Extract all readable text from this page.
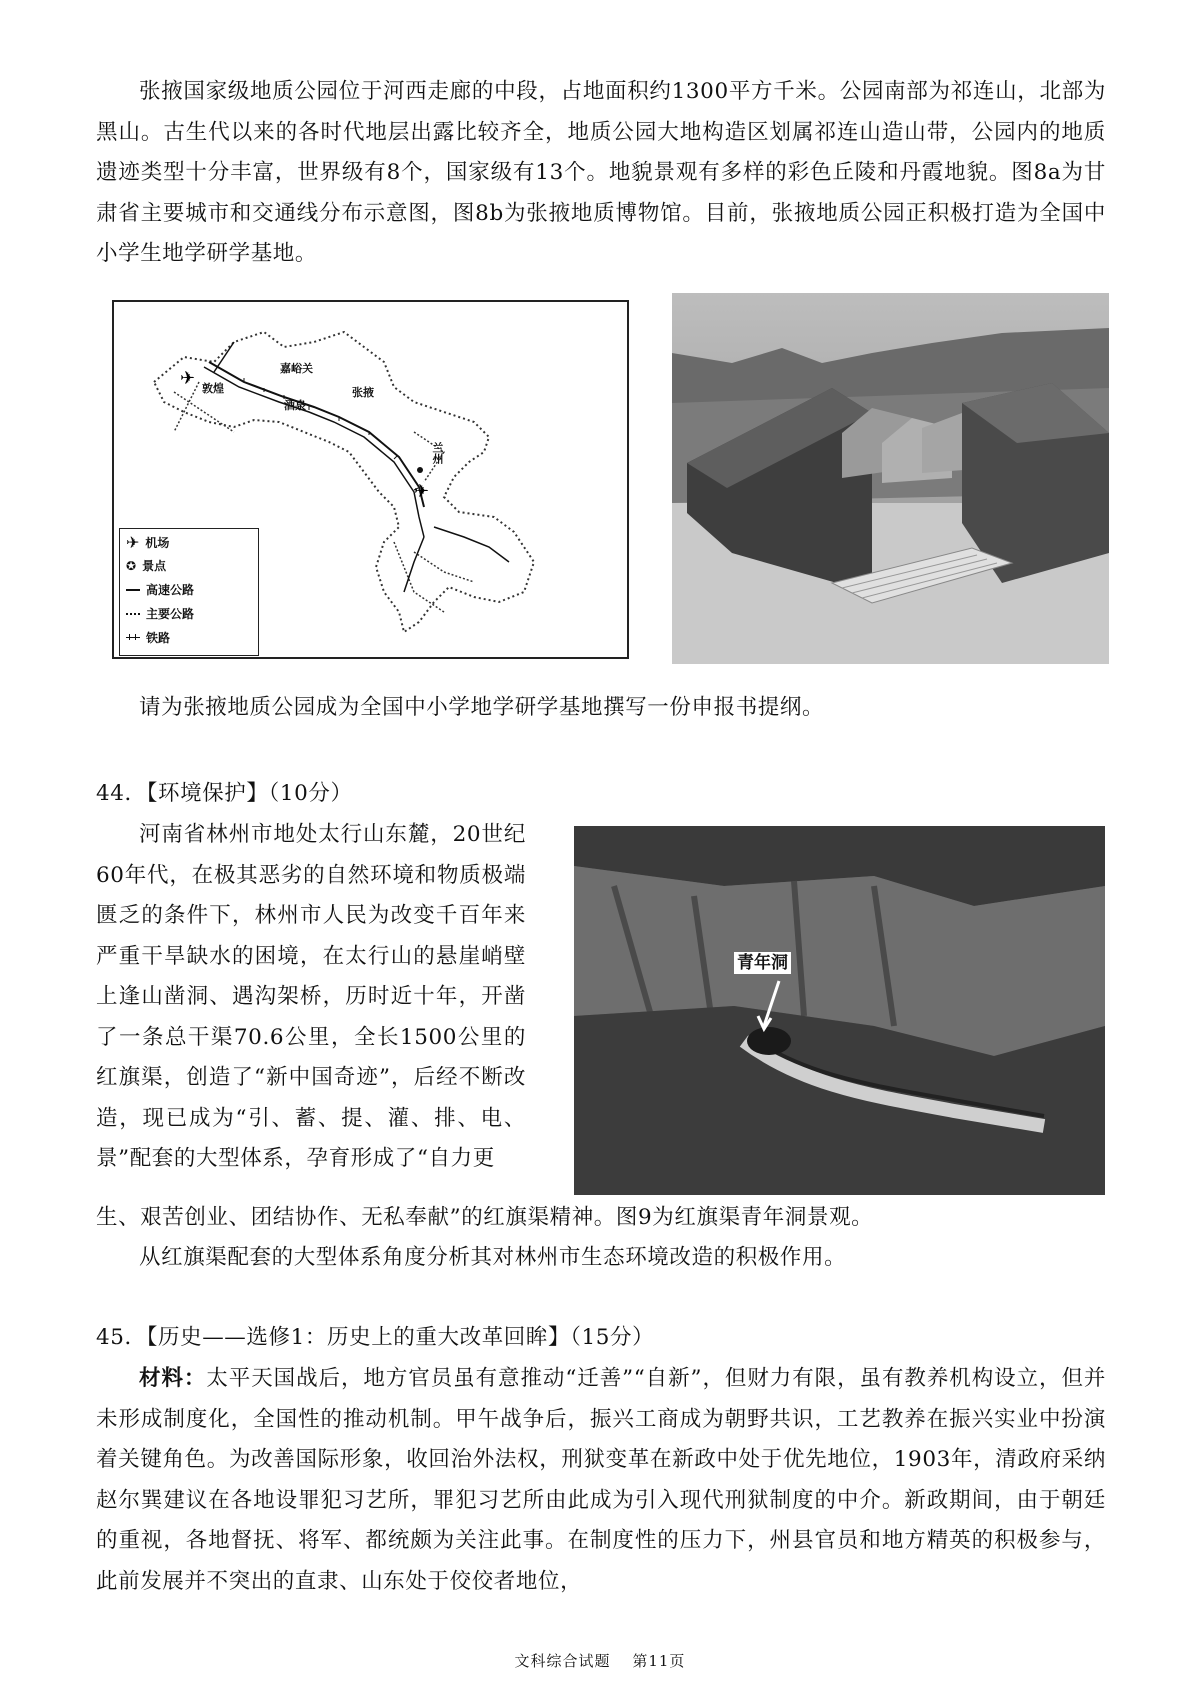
张掖国家级地质公园位于河西走廊的中段，占地面积约1300平方千米。公园南部为祁连山，北部为黑山。古生代以来的各时代地层出露比较齐全，地质公园大地构造区划属祁连山造山带，公园内的地质遗迹类型十分丰富，世界级有8个，国家级有13个。地貌景观有多样的彩色丘陵和丹霞地貌。图8a为甘肃省主要城市和交通线分布示意图，图8b为张掖地质博物馆。目前，张掖地质公园正积极打造为全国中小学生地学研学基地。

✈
✈
嘉峪关
敦煌	张掖
酒泉
兰州
✈ 机场
✪ 景点
高速公路
主要公路
铁路

请为张掖地质公园成为全国中小学地学研学基地撰写一份申报书提纲。

44．【环境保护】（10分）

河南省林州市地处太行山东麓，20世纪60年代，在极其恶劣的自然环境和物质极端匮乏的条件下，林州市人民为改变千百年来严重干旱缺水的困境，在太行山的悬崖峭壁上逢山凿洞、遇沟架桥，历时近十年，开凿了一条总干渠70.6公里，全长1500公里的红旗渠，创造了“新中国奇迹”，后经不断改造，现已成为“引、蓄、提、灌、排、电、景”配套的大型体系，孕育形成了“自力更

青年洞

生、艰苦创业、团结协作、无私奉献”的红旗渠精神。图9为红旗渠青年洞景观。

从红旗渠配套的大型体系角度分析其对林州市生态环境改造的积极作用。

45．【历史——选修1：历史上的重大改革回眸】（15分）

材料：太平天国战后，地方官员虽有意推动“迁善”“自新”，但财力有限，虽有教养机构设立，但并未形成制度化，全国性的推动机制。甲午战争后，振兴工商成为朝野共识，工艺教养在振兴实业中扮演着关键角色。为改善国际形象，收回治外法权，刑狱变革在新政中处于优先地位，1903年，清政府采纳赵尔巽建议在各地设罪犯习艺所，罪犯习艺所由此成为引入现代刑狱制度的中介。新政期间，由于朝廷的重视，各地督抚、将军、都统颇为关注此事。在制度性的压力下，州县官员和地方精英的积极参与，此前发展并不突出的直隶、山东处于佼佼者地位，

文科综合试题 第11页
